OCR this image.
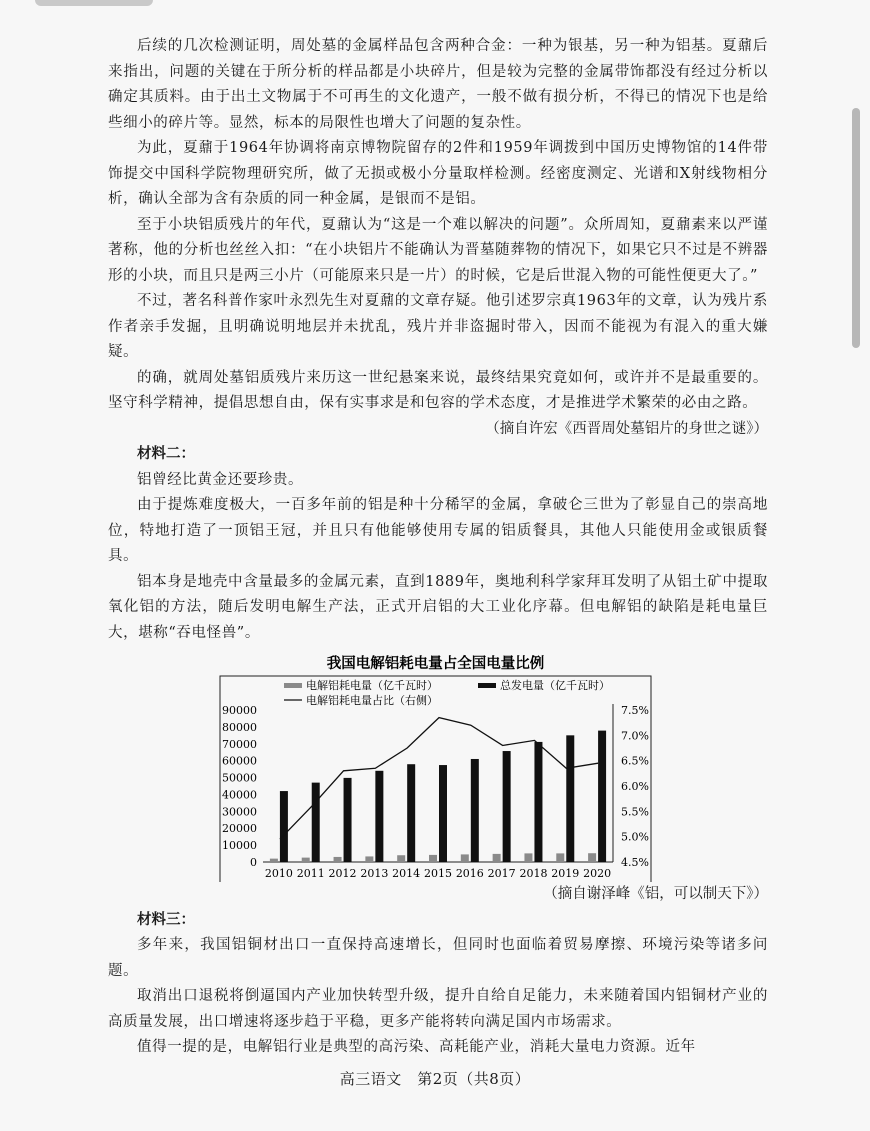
后续的几次检测证明，周处墓的金属样品包含两种合金：一种为银基，另一种为铝基。夏鼐后来指出，问题的关键在于所分析的样品都是小块碎片，但是较为完整的金属带饰都没有经过分析以确定其质料。由于出土文物属于不可再生的文化遗产，一般不做有损分析，不得已的情况下也是给些细小的碎片等。显然，标本的局限性也增大了问题的复杂性。

为此，夏鼐于1964年协调将南京博物院留存的2件和1959年调拨到中国历史博物馆的14件带饰提交中国科学院物理研究所，做了无损或极小分量取样检测。经密度测定、光谱和X射线物相分析，确认全部为含有杂质的同一种金属，是银而不是铝。

至于小块铝质残片的年代，夏鼐认为“这是一个难以解决的问题”。众所周知，夏鼐素来以严谨著称，他的分析也丝丝入扣：“在小块铝片不能确认为晋墓随葬物的情况下，如果它只不过是不辨器形的小块，而且只是两三小片（可能原来只是一片）的时候，它是后世混入物的可能性便更大了。”

不过，著名科普作家叶永烈先生对夏鼐的文章存疑。他引述罗宗真1963年的文章，认为残片系作者亲手发掘，且明确说明地层并未扰乱，残片并非盗掘时带入，因而不能视为有混入的重大嫌疑。

的确，就周处墓铝质残片来历这一世纪悬案来说，最终结果究竟如何，或许并不是最重要的。坚守科学精神，提倡思想自由，保有实事求是和包容的学术态度，才是推进学术繁荣的必由之路。

（摘自许宏《西晋周处墓铝片的身世之谜》）

材料二：

铝曾经比黄金还要珍贵。

由于提炼难度极大，一百多年前的铝是种十分稀罕的金属，拿破仑三世为了彰显自己的崇高地位，特地打造了一顶铝王冠，并且只有他能够使用专属的铝质餐具，其他人只能使用金或银质餐具。

铝本身是地壳中含量最多的金属元素，直到1889年，奥地利科学家拜耳发明了从铝土矿中提取氧化铝的方法，随后发明电解生产法，正式开启铝的大工业化序幕。但电解铝的缺陷是耗电量巨大，堪称“吞电怪兽”。

我国电解铝耗电量占全国电量比例
电解铝耗电量（亿千瓦时）	总发电量（亿千瓦时）
电解铝耗电量占比（右侧）
0
10000
20000
30000
40000
50000
60000
70000
80000
90000
4.5%
5.0%
5.5%
6.0%
6.5%
7.0%
7.5%
2010 2011 2012 2013 2014 2015 2016 2017 2018 2019 2020

（摘自谢泽峰《铝，可以制天下》）

材料三：

多年来，我国铝铜材出口一直保持高速增长，但同时也面临着贸易摩擦、环境污染等诸多问题。

取消出口退税将倒逼国内产业加快转型升级，提升自给自足能力，未来随着国内铝铜材产业的高质量发展，出口增速将逐步趋于平稳，更多产能将转向满足国内市场需求。

值得一提的是，电解铝行业是典型的高污染、高耗能产业，消耗大量电力资源。近年

高三语文　第2页（共8页）
